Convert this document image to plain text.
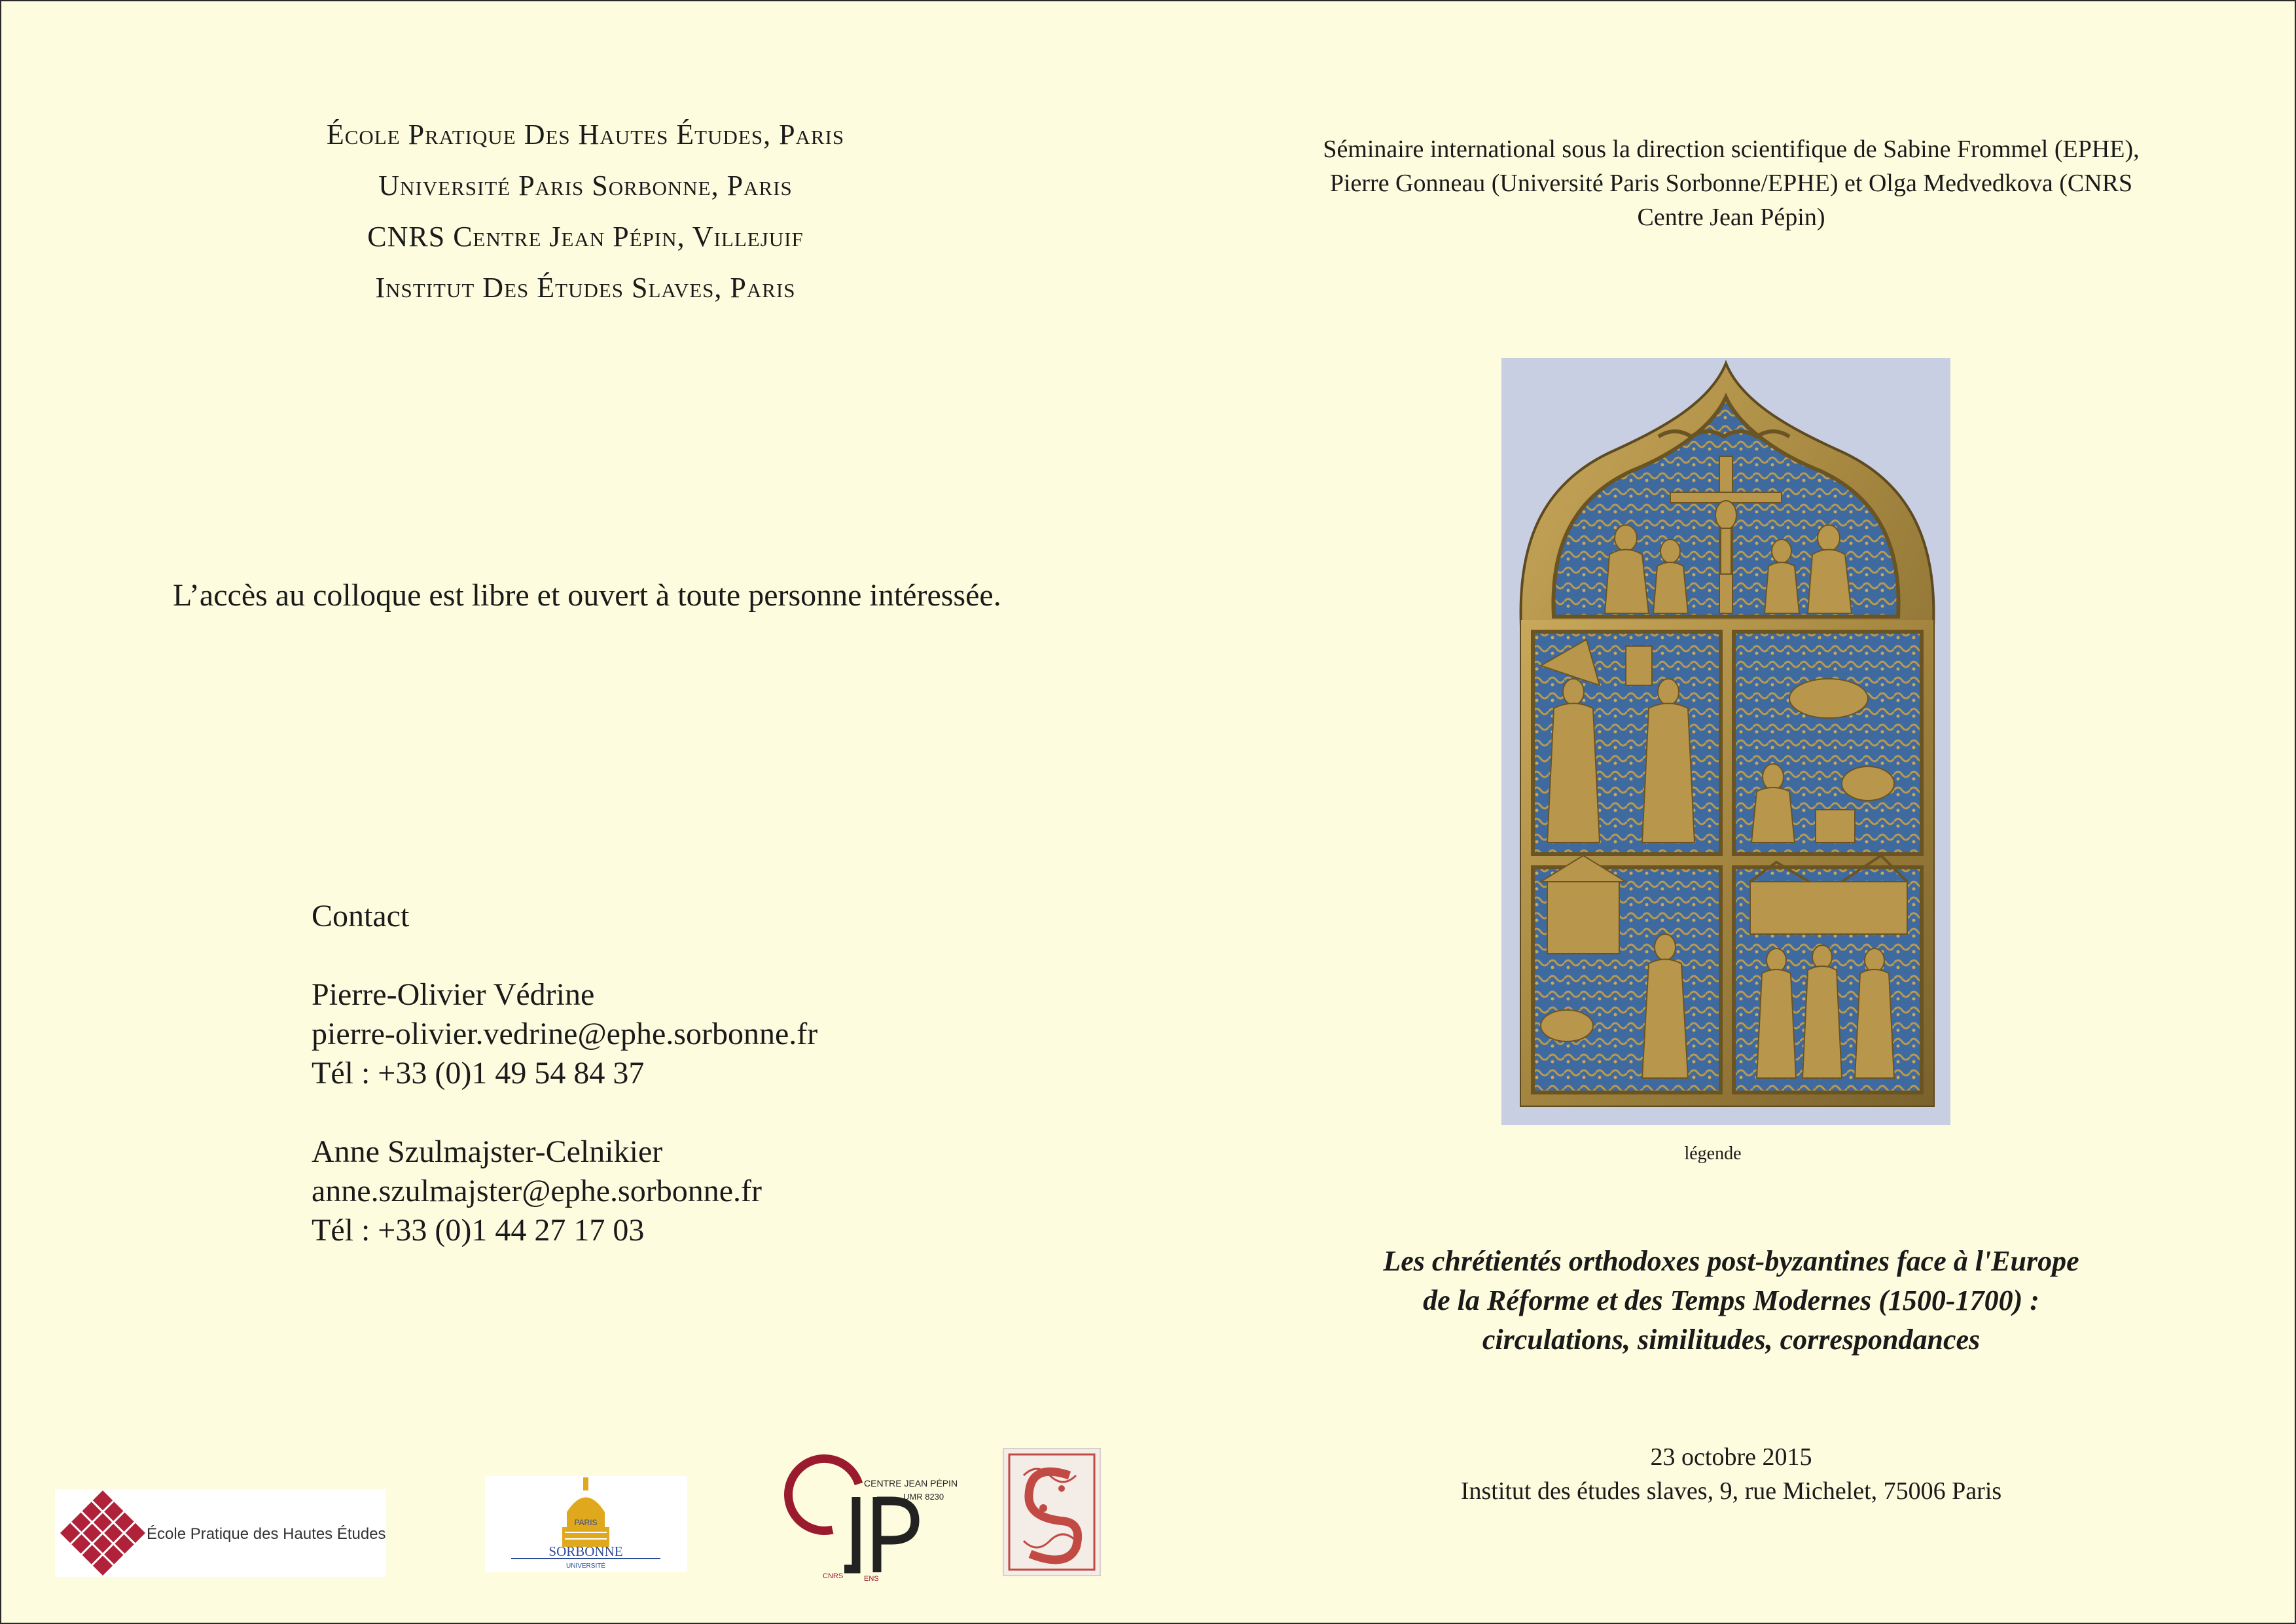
École Pratique Des Hautes Études, Paris
Université Paris Sorbonne, Paris
CNRS Centre Jean Pépin, Villejuif
Institut Des Études Slaves, Paris
L’accès au colloque est libre et ouvert à toute personne intéressée.
Contact
Pierre-Olivier Védrine
pierre-olivier.vedrine@ephe.sorbonne.fr
Tél : +33 (0)1 49 54 84 37
Anne Szulmajster-Celnikier
anne.szulmajster@ephe.sorbonne.fr
Tél : +33 (0)1 44 27 17 03
École Pratique des Hautes Études
PARIS
SORBONNE
UNIVERSITÉ
CENTRE JEAN PÉPIN
UMR 8230
CNRS	ENS
Séminaire international sous la direction scientifique de Sabine Frommel (EPHE),
Pierre Gonneau (Université Paris Sorbonne/EPHE) et Olga Medvedkova (CNRS
Centre Jean Pépin)
légende
Les chrétientés orthodoxes post-byzantines face à l'Europe
de la Réforme et des Temps Modernes (1500-1700) :
circulations, similitudes, correspondances
23 octobre 2015
Institut des études slaves, 9, rue Michelet, 75006 Paris
